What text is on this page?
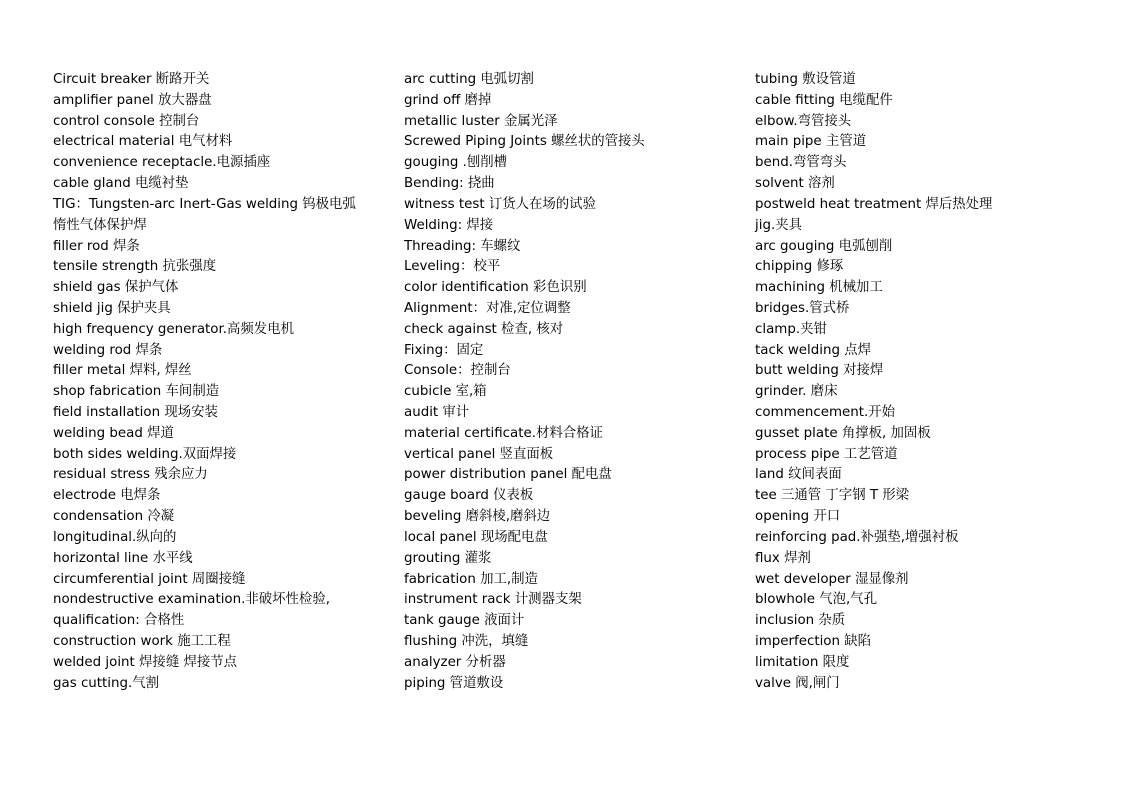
Circuit breaker 断路开关
amplifier panel 放大器盘
control console 控制台
electrical material 电气材料
convenience receptacle.电源插座
cable gland 电缆衬垫
TIG：Tungsten-arc Inert-Gas welding 钨极电弧
惰性气体保护焊
filler rod 焊条
tensile strength 抗张强度
shield gas 保护气体
shield jig 保护夹具
high frequency generator.高频发电机
welding rod 焊条
filler metal 焊料, 焊丝
shop fabrication 车间制造
field installation 现场安装
welding bead 焊道
both sides welding.双面焊接
residual stress 残余应力
electrode 电焊条
condensation 冷凝
longitudinal.纵向的
horizontal line 水平线
circumferential joint 周圈接缝
nondestructive examination.非破坏性检验,
qualification: 合格性
construction work 施工工程
welded joint 焊接缝 焊接节点
gas cutting.气割
arc cutting 电弧切割
grind off 磨掉
metallic luster 金属光泽
Screwed Piping Joints 螺丝状的管接头
gouging .刨削槽
Bending: 挠曲
witness test 订货人在场的试验
Welding: 焊接
Threading: 车螺纹
Leveling：校平
color identification 彩色识别
Alignment：对准,定位调整
check against 检查, 核对
Fixing：固定
Console：控制台
cubicle 室,箱
audit 审计
material certificate.材料合格证
vertical panel 竖直面板
power distribution panel 配电盘
gauge board 仪表板
beveling 磨斜棱,磨斜边
local panel 现场配电盘
grouting 灌浆
fabrication 加工,制造
instrument rack 计测器支架
tank gauge 液面计
flushing 冲洗，填缝
analyzer 分析器
piping 管道敷设
tubing 敷设管道
cable fitting 电缆配件
elbow.弯管接头
main pipe 主管道
bend.弯管弯头
solvent 溶剂
postweld heat treatment 焊后热处理
jig.夹具
arc gouging 电弧刨削
chipping 修琢
machining 机械加工
bridges.管式桥
clamp.夹钳
tack welding 点焊
butt welding 对接焊
grinder. 磨床
commencement.开始
gusset plate 角撑板, 加固板
process pipe 工艺管道
land 纹间表面
tee 三通管 丁字钢 T 形梁
opening 开口
reinforcing pad.补强垫,增强衬板
flux 焊剂
wet developer 湿显像剂
blowhole 气泡,气孔
inclusion 杂质
imperfection 缺陷
limitation 限度
valve 阀,闸门
